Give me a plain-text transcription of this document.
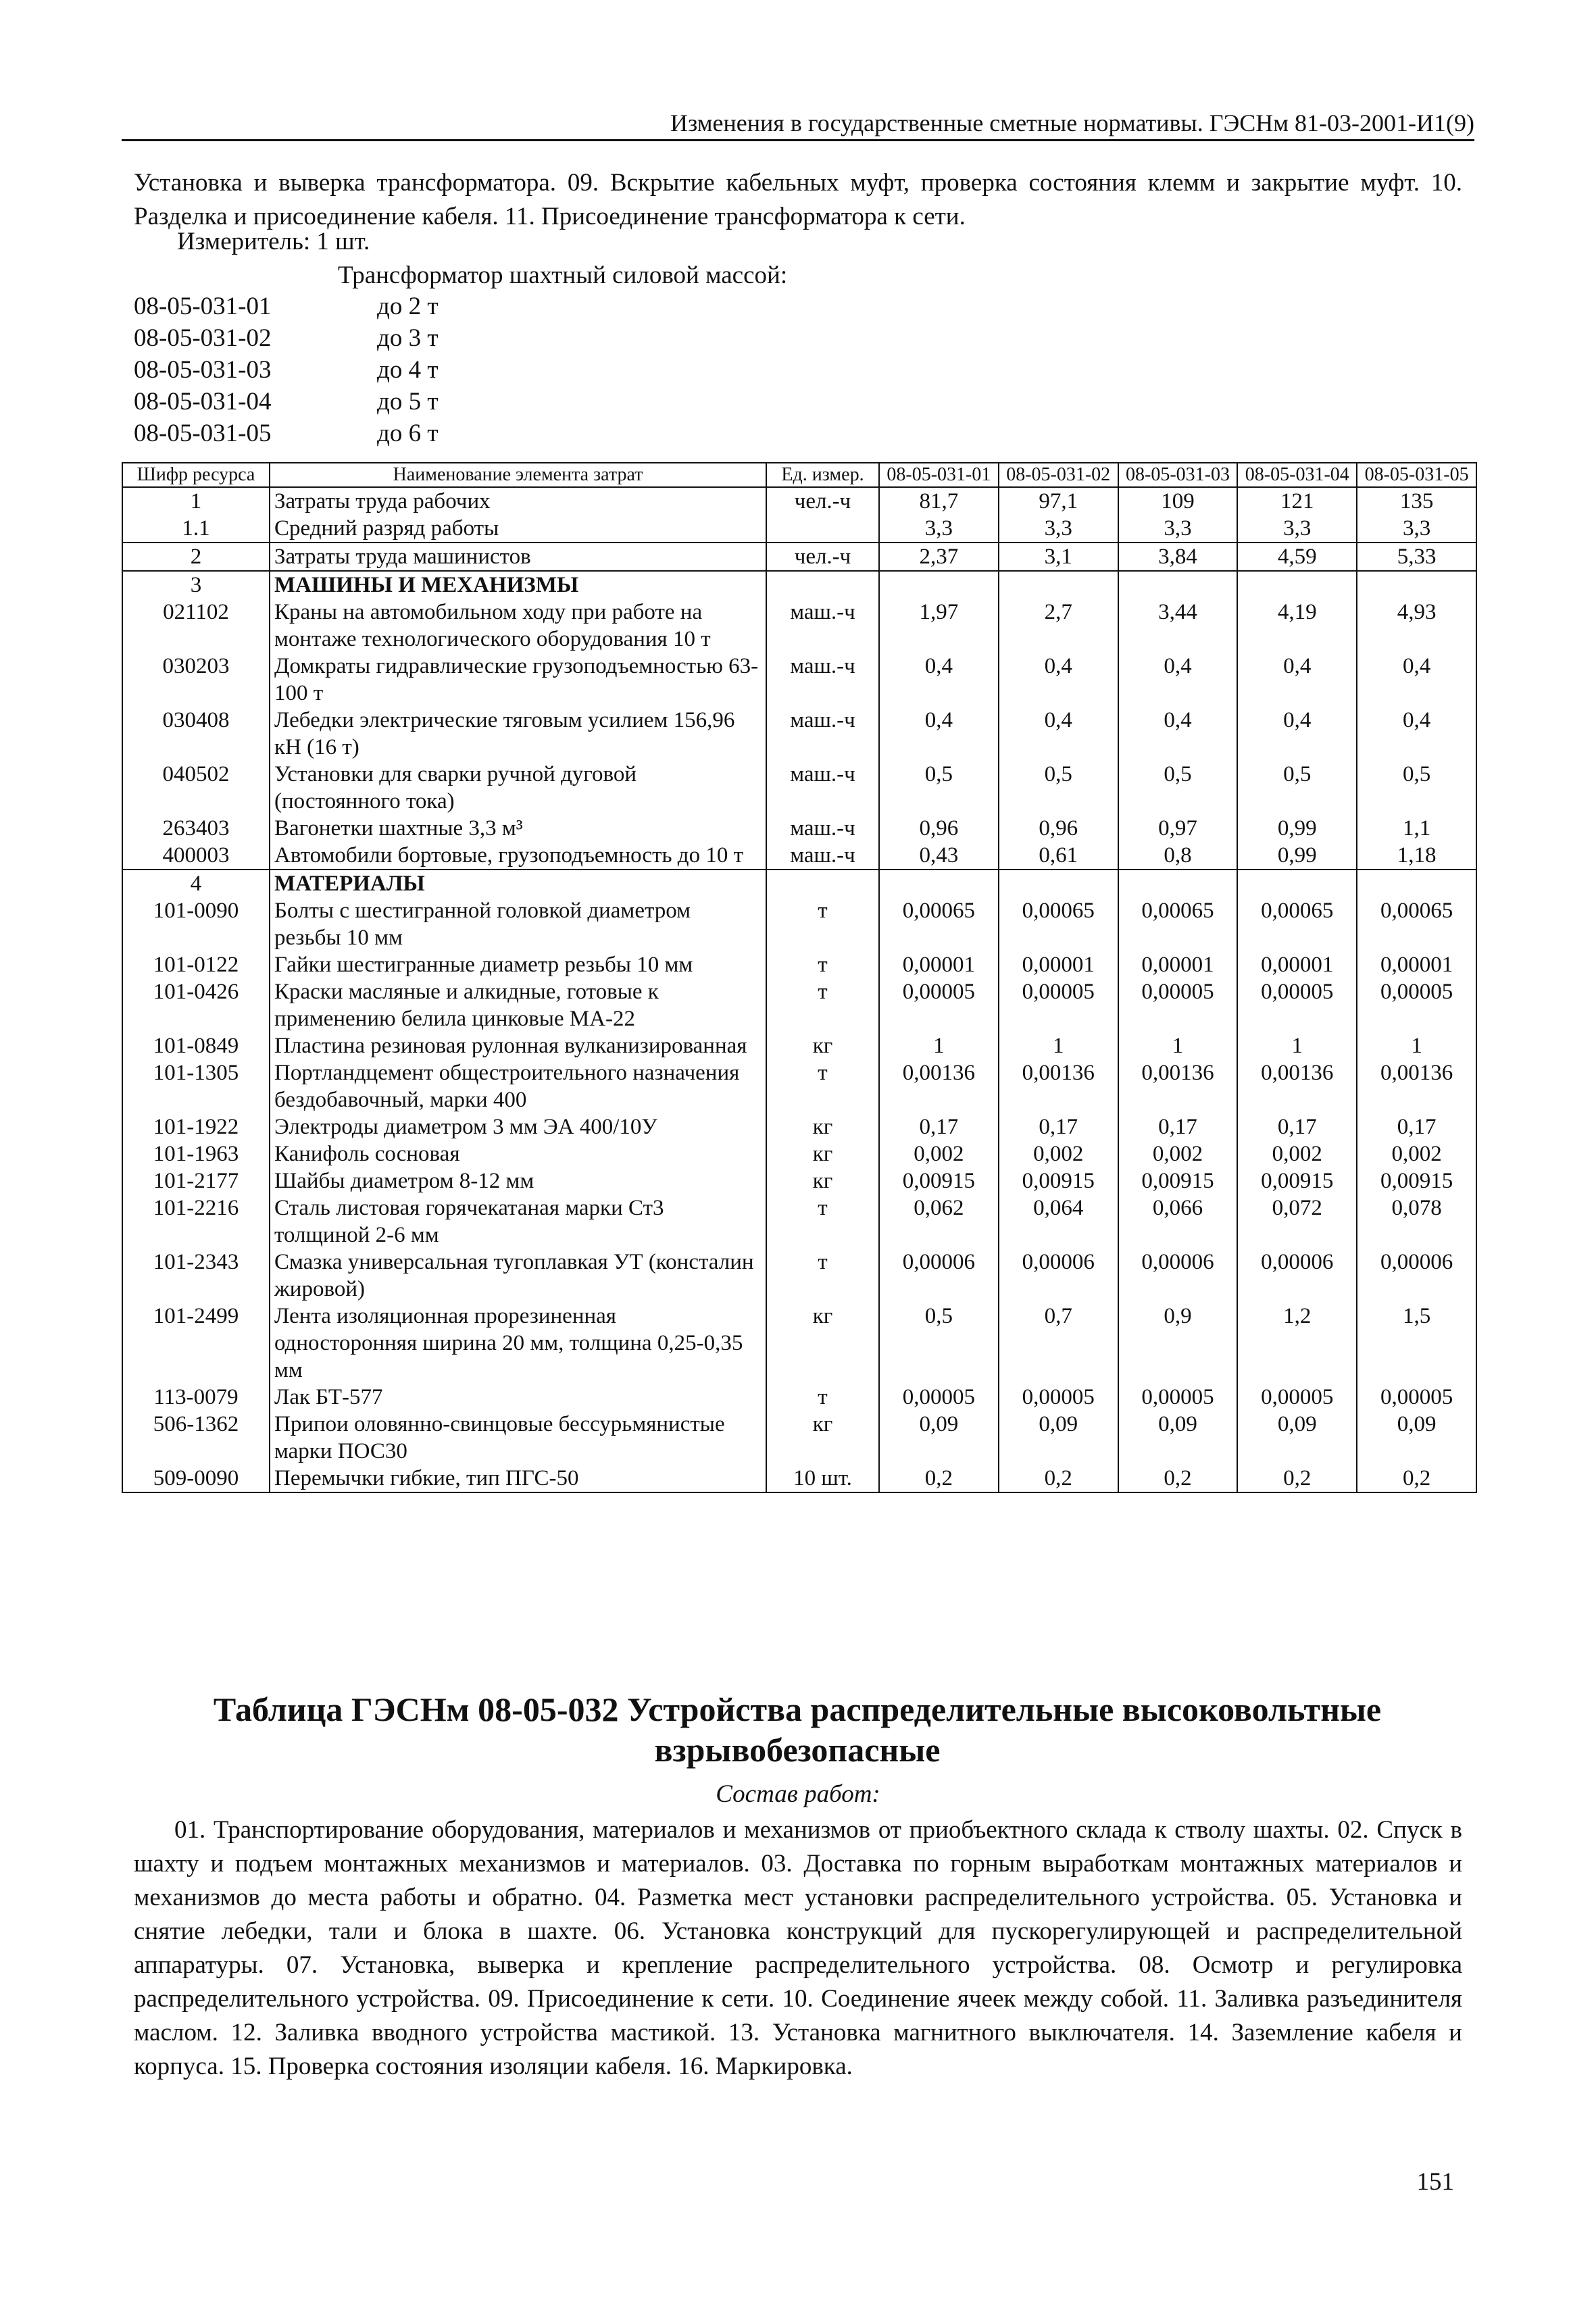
Изменения в государственные сметные нормативы. ГЭСНм 81-03-2001-И1(9)

Установка и выверка трансформатора. 09. Вскрытие кабельных муфт, проверка состояния клемм и закрытие муфт. 10. Разделка и присоединение кабеля. 11. Присоединение трансформатора к сети.

Измеритель: 1 шт.
Трансформатор шахтный силовой массой:
08-05-031-01	до 2 т
08-05-031-02	до 3 т
08-05-031-03	до 4 т
08-05-031-04	до 5 т
08-05-031-05	до 6 т
Шифр ресурса	Наименование элемента затрат	Ед. измер.	08-05-031-01	08-05-031-02	08-05-031-03	08-05-031-04	08-05-031-05
1	Затраты труда рабочих	чел.-ч	81,7	97,1	109	121	135
1.1	Средний разряд работы		3,3	3,3	3,3	3,3	3,3
2	Затраты труда машинистов	чел.-ч	2,37	3,1	3,84	4,59	5,33
3	МАШИНЫ И МЕХАНИЗМЫ						
021102	Краны на автомобильном ходу при работе на монтаже технологического оборудования 10 т	маш.-ч	1,97	2,7	3,44	4,19	4,93
030203	Домкраты гидравлические грузоподъемностью 63-100 т	маш.-ч	0,4	0,4	0,4	0,4	0,4
030408	Лебедки электрические тяговым усилием 156,96 кН (16 т)	маш.-ч	0,4	0,4	0,4	0,4	0,4
040502	Установки для сварки ручной дуговой (постоянного тока)	маш.-ч	0,5	0,5	0,5	0,5	0,5
263403	Вагонетки шахтные 3,3 м³	маш.-ч	0,96	0,96	0,97	0,99	1,1
400003	Автомобили бортовые, грузоподъемность до 10 т	маш.-ч	0,43	0,61	0,8	0,99	1,18
4	МАТЕРИАЛЫ						
101-0090	Болты с шестигранной головкой диаметром резьбы 10 мм	т	0,00065	0,00065	0,00065	0,00065	0,00065
101-0122	Гайки шестигранные диаметр резьбы 10 мм	т	0,00001	0,00001	0,00001	0,00001	0,00001
101-0426	Краски масляные и алкидные, готовые к применению белила цинковые МА-22	т	0,00005	0,00005	0,00005	0,00005	0,00005
101-0849	Пластина резиновая рулонная вулканизированная	кг	1	1	1	1	1
101-1305	Портландцемент общестроительного назначения бездобавочный, марки 400	т	0,00136	0,00136	0,00136	0,00136	0,00136
101-1922	Электроды диаметром 3 мм ЭА 400/10У	кг	0,17	0,17	0,17	0,17	0,17
101-1963	Канифоль сосновая	кг	0,002	0,002	0,002	0,002	0,002
101-2177	Шайбы диаметром 8-12 мм	кг	0,00915	0,00915	0,00915	0,00915	0,00915
101-2216	Сталь листовая горячекатаная марки Ст3 толщиной 2-6 мм	т	0,062	0,064	0,066	0,072	0,078
101-2343	Смазка универсальная тугоплавкая УТ (консталин жировой)	т	0,00006	0,00006	0,00006	0,00006	0,00006
101-2499	Лента изоляционная прорезиненная односторонняя ширина 20 мм, толщина 0,25-0,35 мм	кг	0,5	0,7	0,9	1,2	1,5
113-0079	Лак БТ-577	т	0,00005	0,00005	0,00005	0,00005	0,00005
506-1362	Припои оловянно-свинцовые бессурьмянистые марки ПОС30	кг	0,09	0,09	0,09	0,09	0,09
509-0090	Перемычки гибкие, тип ПГС-50	10 шт.	0,2	0,2	0,2	0,2	0,2
Таблица ГЭСНм 08-05-032 Устройства распределительные высоковольтные взрывобезопасные
Состав работ:

01. Транспортирование оборудования, материалов и механизмов от приобъектного склада к стволу шахты. 02. Спуск в шахту и подъем монтажных механизмов и материалов. 03. Доставка по горным выработкам монтажных материалов и механизмов до места работы и обратно. 04. Разметка мест установки распределительного устройства. 05. Установка и снятие лебедки, тали и блока в шахте. 06. Установка конструкций для пускорегулирующей и распределительной аппаратуры. 07. Установка, выверка и крепление распределительного устройства. 08. Осмотр и регулировка распределительного устройства. 09. Присоединение к сети. 10. Соединение ячеек между собой. 11. Заливка разъединителя маслом. 12. Заливка вводного устройства мастикой. 13. Установка магнитного выключателя. 14. Заземление кабеля и корпуса. 15. Проверка состояния изоляции кабеля. 16. Маркировка.

151
